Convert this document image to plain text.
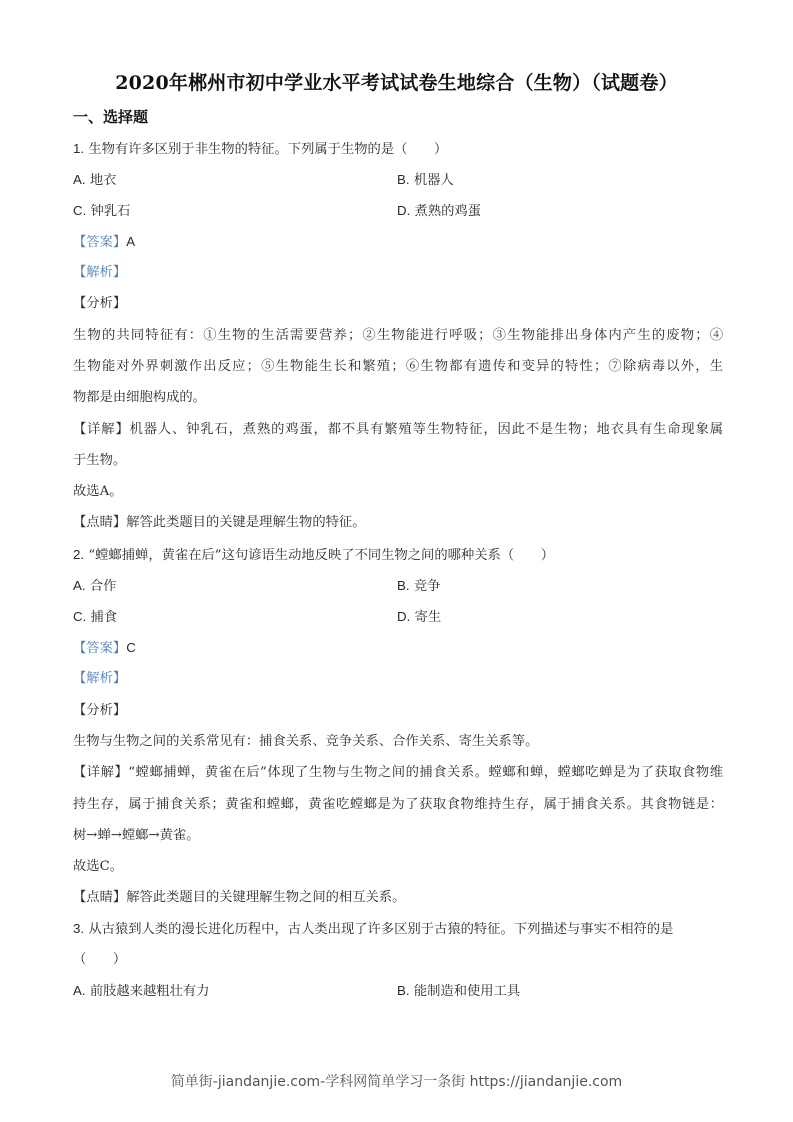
2020年郴州市初中学业水平考试试卷生地综合（生物）（试题卷）
一、选择题
1. 生物有许多区别于非生物的特征。下列属于生物的是（　　）
A. 地衣	B. 机器人
C. 钟乳石	D. 煮熟的鸡蛋
【答案】A
【解析】
【分析】
生物的共同特征有：①生物的生活需要营养；②生物能进行呼吸；③生物能排出身体内产生的废物；④
生物能对外界刺激作出反应；⑤生物能生长和繁殖；⑥生物都有遗传和变异的特性；⑦除病毒以外，生
物都是由细胞构成的。
【详解】机器人、钟乳石，煮熟的鸡蛋，都不具有繁殖等生物特征，因此不是生物；地衣具有生命现象属
于生物。
故选A。
【点睛】解答此类题目的关键是理解生物的特征。
2. “螳螂捕蝉，黄雀在后”这句谚语生动地反映了不同生物之间的哪种关系（　　）
A. 合作	B. 竞争
C. 捕食	D. 寄生
【答案】C
【解析】
【分析】
生物与生物之间的关系常见有：捕食关系、竞争关系、合作关系、寄生关系等。
【详解】“螳螂捕蝉，黄雀在后”体现了生物与生物之间的捕食关系。螳螂和蝉，螳螂吃蝉是为了获取食物维
持生存，属于捕食关系；黄雀和螳螂，黄雀吃螳螂是为了获取食物维持生存，属于捕食关系。其食物链是：
树→蝉→螳螂→黄雀。
故选C。
【点睛】解答此类题目的关键理解生物之间的相互关系。
3. 从古猿到人类的漫长进化历程中，古人类出现了许多区别于古猿的特征。下列描述与事实不相符的是
（　　）
A. 前肢越来越粗壮有力	B. 能制造和使用工具
简单街-jiandanjie.com-学科网简单学习一条街 https://jiandanjie.com
